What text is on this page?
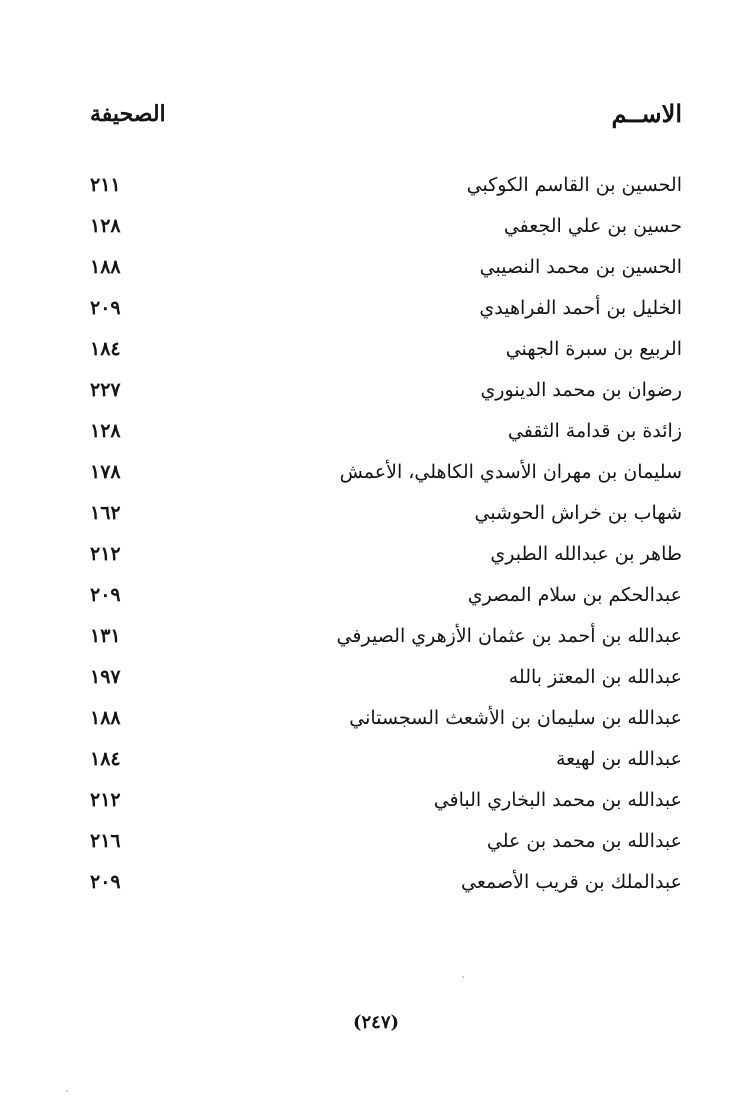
الاســم
الصحيفة
الحسين بن القاسم الكوكبي
٢١١
حسين بن علي الجعفي
١٢٨
الحسين بن محمد النصيبي
١٨٨
الخليل بن أحمد الفراهيدي
٢٠٩
الربيع بن سبرة الجهني
١٨٤
رضوان بن محمد الدينوري
٢٢٧
زائدة بن قدامة الثقفي
١٢٨
سليمان بن مهران الأسدي الكاهلي، الأعمش
١٧٨
شهاب بن خراش الحوشبي
١٦٢
طاهر بن عبدالله الطبري
٢١٢
عبدالحكم بن سلام المصري
٢٠٩
عبدالله بن أحمد بن عثمان الأزهري الصيرفي
١٣١
عبدالله بن المعتز بالله
١٩٧
عبدالله بن سليمان بن الأشعث السجستاني
١٨٨
عبدالله بن لهيعة
١٨٤
عبدالله بن محمد البخاري البافي
٢١٢
عبدالله بن محمد بن علي
٢١٦
عبدالملك بن قريب الأصمعي
٢٠٩
(٢٤٧)
